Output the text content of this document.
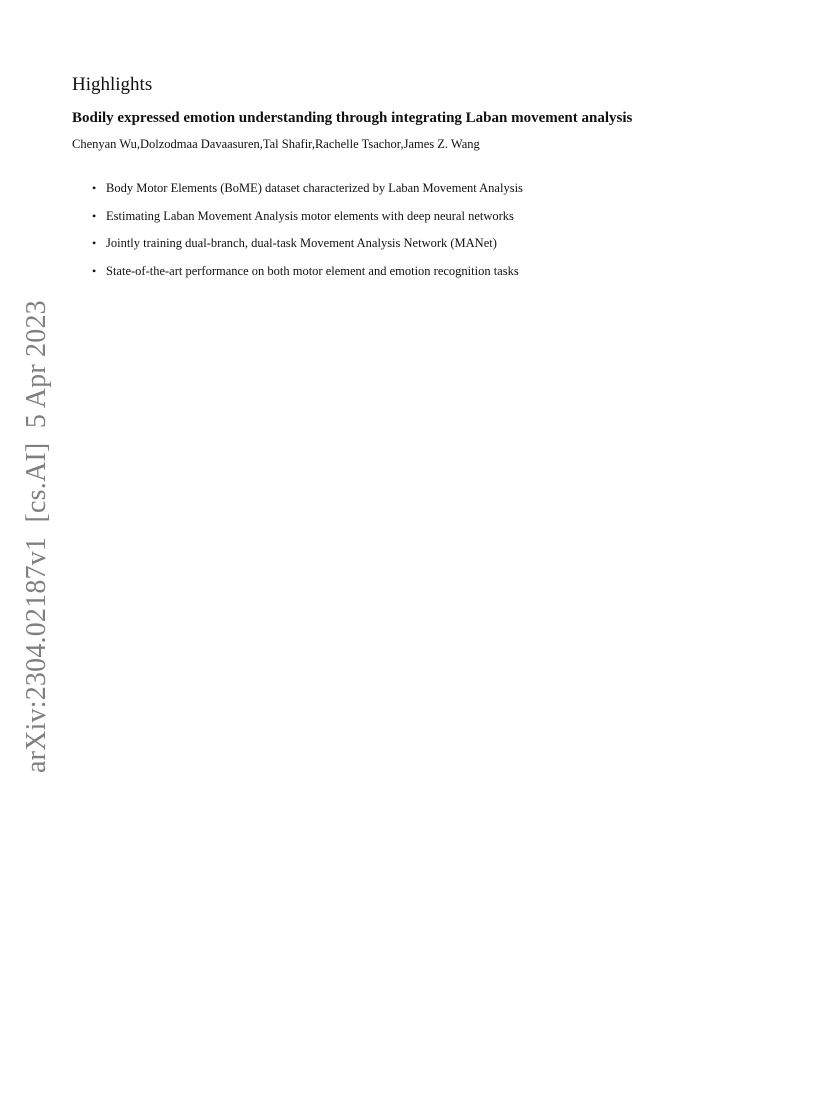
Highlights
Bodily expressed emotion understanding through integrating Laban movement analysis

Chenyan Wu,Dolzodmaa Davaasuren,Tal Shafir,Rachelle Tsachor,James Z. Wang

• Body Motor Elements (BoME) dataset characterized by Laban Movement Analysis
• Estimating Laban Movement Analysis motor elements with deep neural networks
• Jointly training dual-branch, dual-task Movement Analysis Network (MANet)
• State-of-the-art performance on both motor element and emotion recognition tasks
arXiv:2304.02187v1  [cs.AI]  5 Apr 2023
